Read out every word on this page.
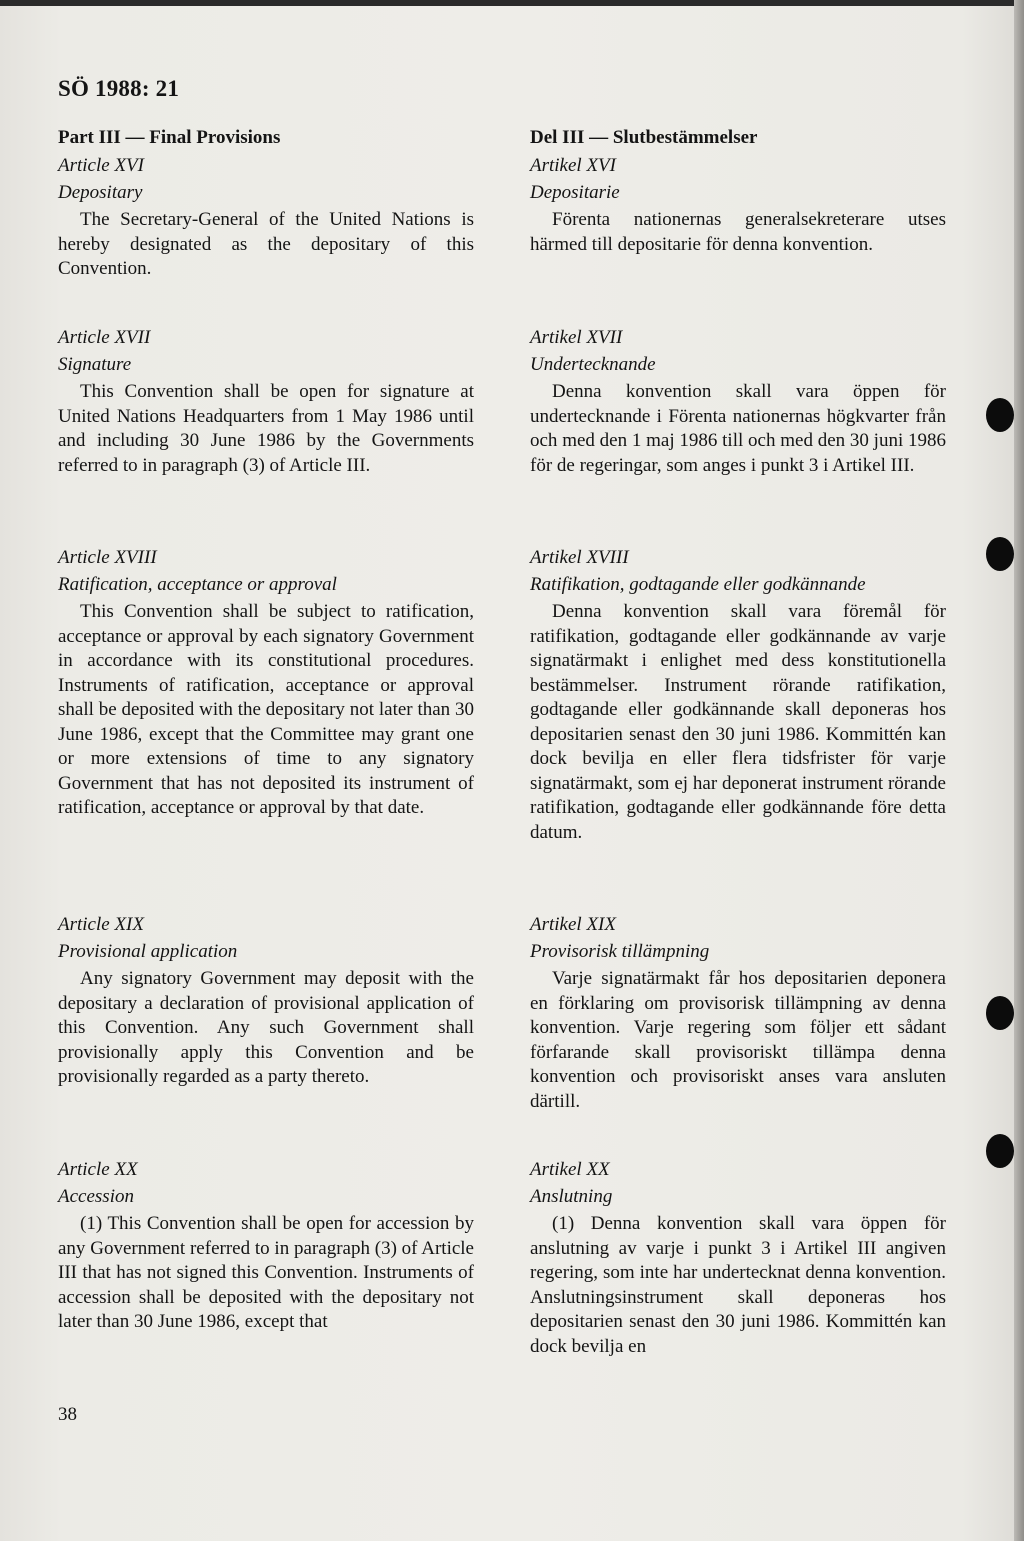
SÖ 1988: 21

Part III — Final Provisions

Article XVI

Depositary

The Secretary-General of the United Nations is hereby designated as the depositary of this Convention.

Article XVII

Signature

This Convention shall be open for signature at United Nations Headquarters from 1 May 1986 until and including 30 June 1986 by the Governments referred to in paragraph (3) of Article III.

Article XVIII

Ratification, acceptance or approval

This Convention shall be subject to ratification, acceptance or approval by each signatory Government in accordance with its constitutional procedures. Instruments of ratification, acceptance or approval shall be deposited with the depositary not later than 30 June 1986, except that the Committee may grant one or more extensions of time to any signatory Government that has not deposited its instrument of ratification, acceptance or approval by that date.

Article XIX

Provisional application

Any signatory Government may deposit with the depositary a declaration of provisional application of this Convention. Any such Government shall provisionally apply this Convention and be provisionally regarded as a party thereto.

Article XX

Accession

(1) This Convention shall be open for accession by any Government referred to in paragraph (3) of Article III that has not signed this Convention. Instruments of accession shall be deposited with the depositary not later than 30 June 1986, except that

Del III — Slutbestämmelser

Artikel XVI

Depositarie

Förenta nationernas generalsekreterare utses härmed till depositarie för denna konvention.

Artikel XVII

Undertecknande

Denna konvention skall vara öppen för undertecknande i Förenta nationernas högkvarter från och med den 1 maj 1986 till och med den 30 juni 1986 för de regeringar, som anges i punkt 3 i Artikel III.

Artikel XVIII

Ratifikation, godtagande eller godkännande

Denna konvention skall vara föremål för ratifikation, godtagande eller godkännande av varje signatärmakt i enlighet med dess konstitutionella bestämmelser. Instrument rörande ratifikation, godtagande eller godkännande skall deponeras hos depositarien senast den 30 juni 1986. Kommittén kan dock bevilja en eller flera tidsfrister för varje signatärmakt, som ej har deponerat instrument rörande ratifikation, godtagande eller godkännande före detta datum.

Artikel XIX

Provisorisk tillämpning

Varje signatärmakt får hos depositarien deponera en förklaring om provisorisk tillämpning av denna konvention. Varje regering som följer ett sådant förfarande skall provisoriskt tillämpa denna konvention och provisoriskt anses vara ansluten därtill.

Artikel XX

Anslutning

(1) Denna konvention skall vara öppen för anslutning av varje i punkt 3 i Artikel III angiven regering, som inte har undertecknat denna konvention. Anslutningsinstrument skall deponeras hos depositarien senast den 30 juni 1986. Kommittén kan dock bevilja en

38
